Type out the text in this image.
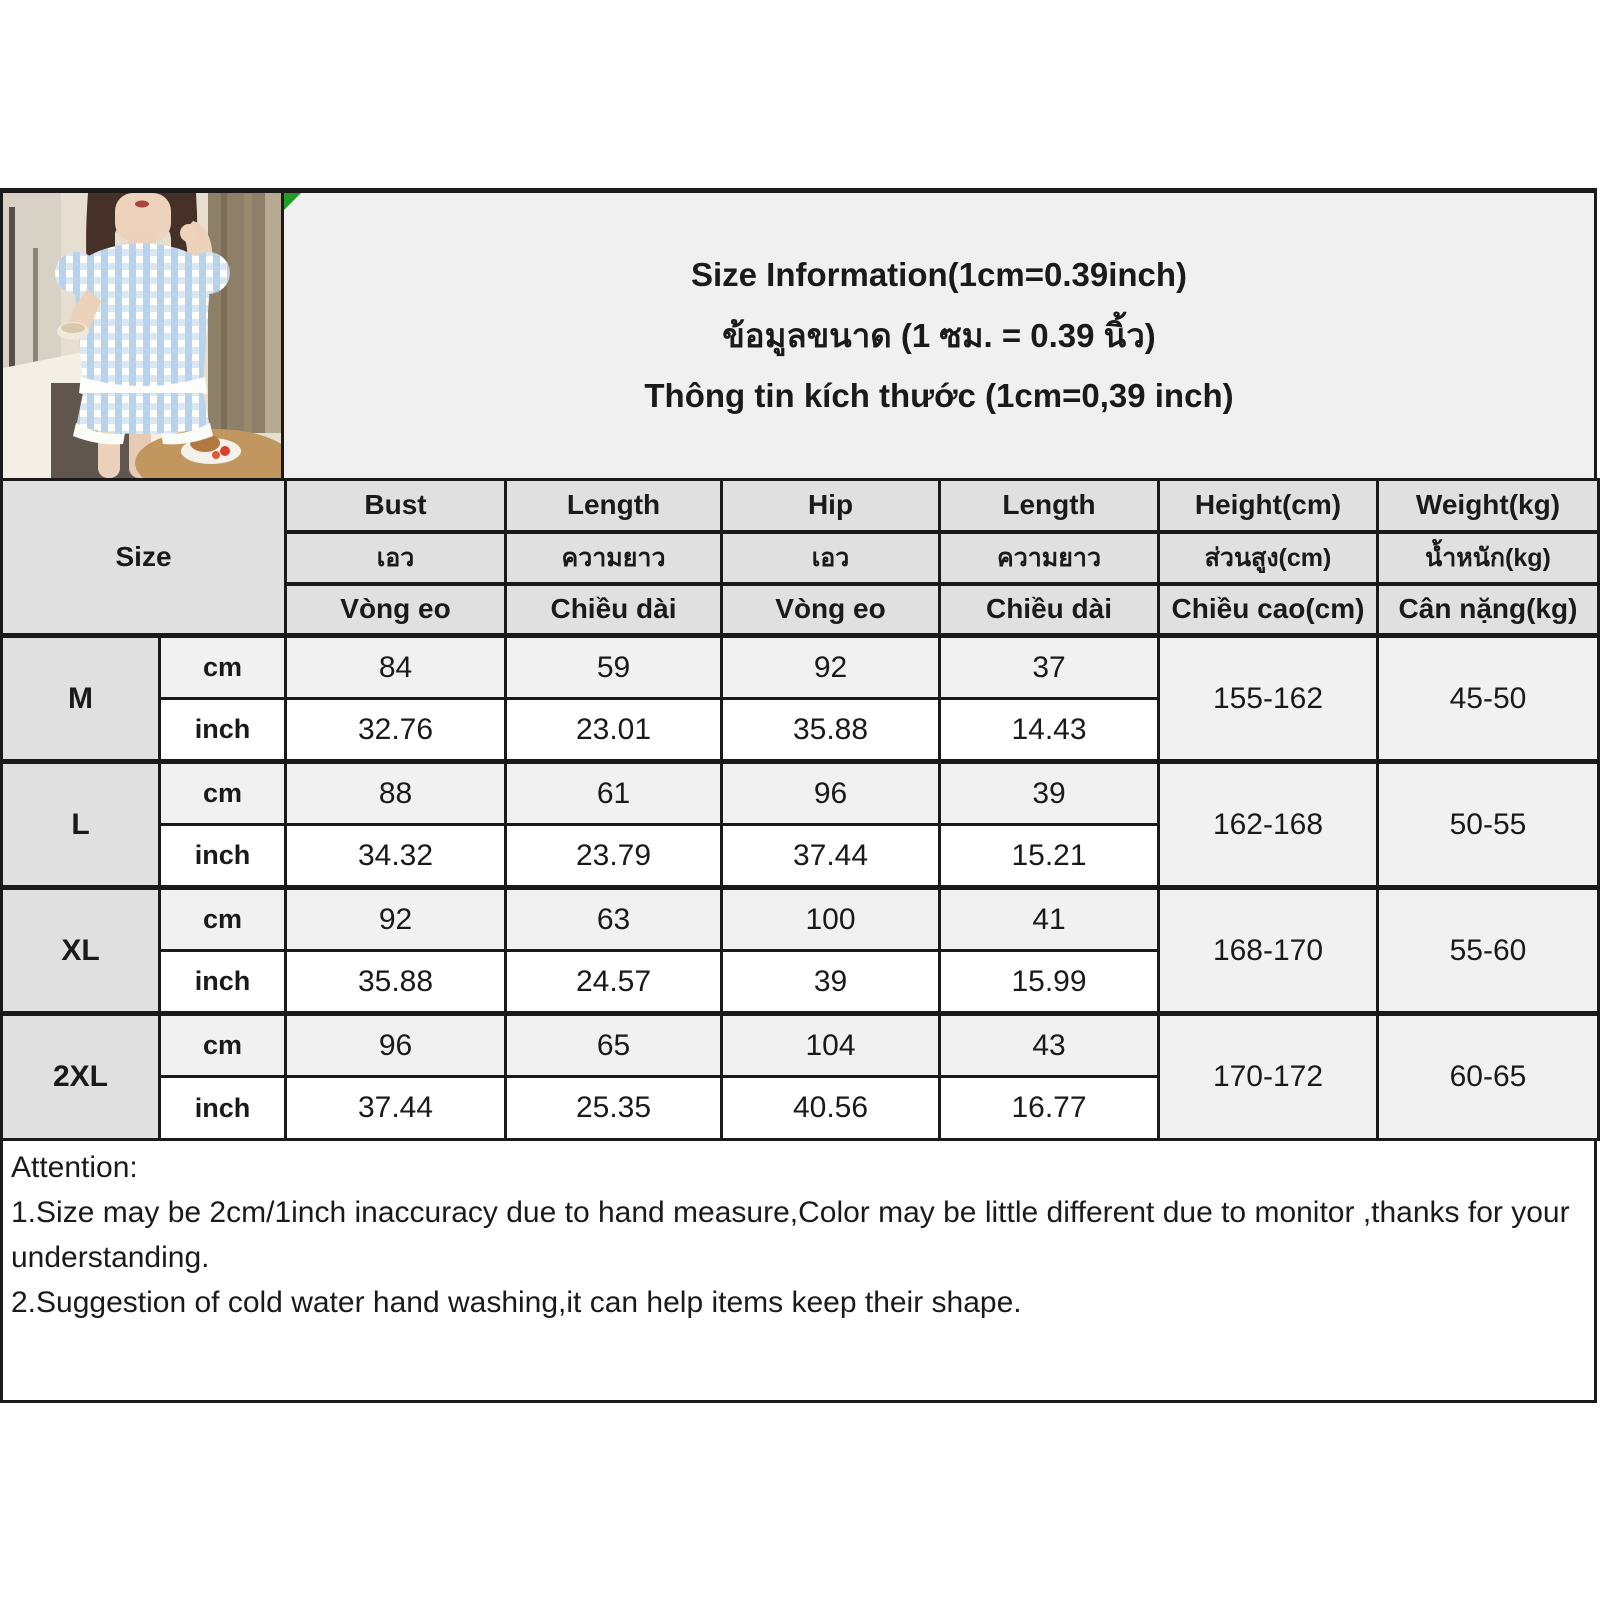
Size Information(1cm=0.39inch)
ข้อมูลขนาด (1 ซม. = 0.39 นิ้ว)
Thông tin kích thước (1cm=0,39 inch)
Size		Bust	Length	Hip	Length	Height(cm)	Weight(kg)
		เอว	ความยาว	เอว	ความยาว	ส่วนสูง(cm)	น้ำหนัก(kg)
		Vòng eo	Chiều dài	Vòng eo	Chiều dài	Chiều cao(cm)	Cân nặng(kg)
M	cm	84	59	92	37	155-162	45-50
	inch	32.76	23.01	35.88	14.43		
L	cm	88	61	96	39	162-168	50-55
	inch	34.32	23.79	37.44	15.21		
XL	cm	92	63	100	41	168-170	55-60
	inch	35.88	24.57	39	15.99		
2XL	cm	96	65	104	43	170-172	60-65
	inch	37.44	25.35	40.56	16.77		

Attention:

1.Size may be 2cm/1inch inaccuracy due to hand measure,Color may be little different due to monitor ,thanks for your understanding.

2.Suggestion of cold water hand washing,it can help items keep their shape.
